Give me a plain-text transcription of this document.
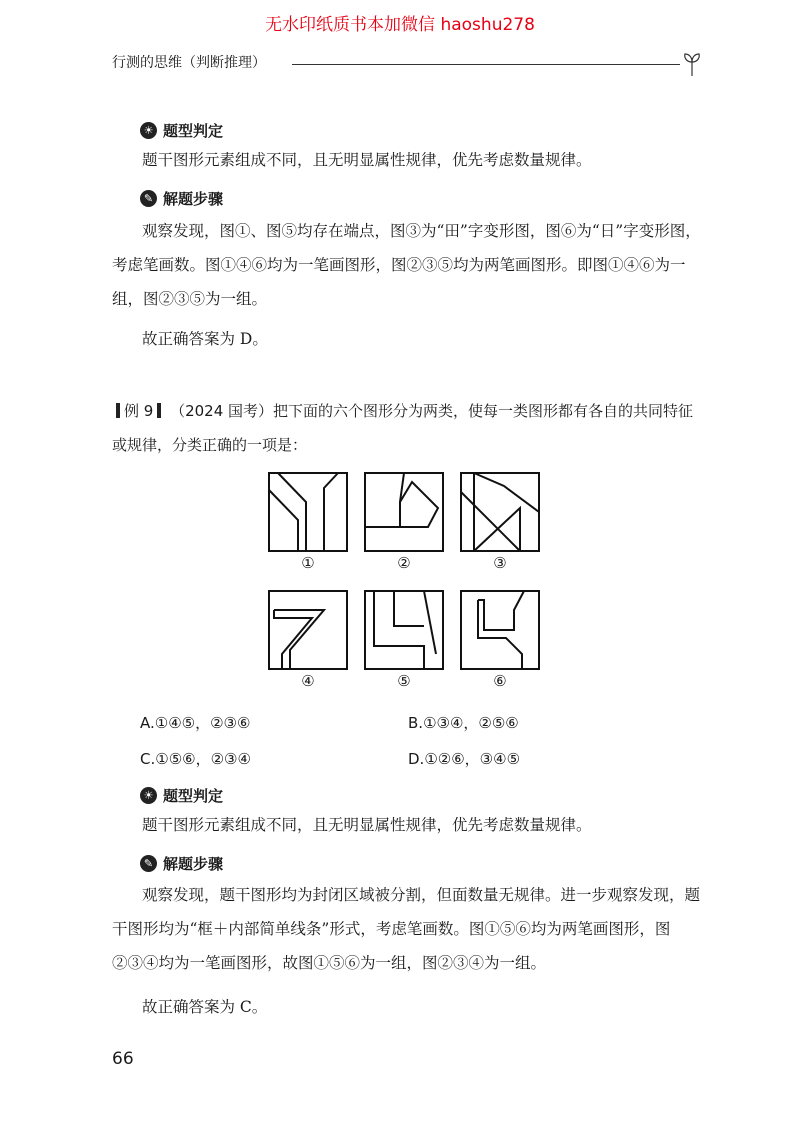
无水印纸质书本加微信 haoshu278
行测的思维（判断推理）
☀ 题型判定
题干图形元素组成不同，且无明显属性规律，优先考虑数量规律。
✎ 解题步骤
观察发现，图①、图⑤均存在端点，图③为“田”字变形图，图⑥为“日”字变形图，考虑笔画数。图①④⑥均为一笔画图形，图②③⑤均为两笔画图形。即图①④⑥为一组，图②③⑤为一组。
故正确答案为 D。
例 9 （2024 国考）把下面的六个图形分为两类，使每一类图形都有各自的共同特征或规律，分类正确的一项是：
①	②	③
④	⑤	⑥
A.①④⑤，②③⑥	B.①③④，②⑤⑥
C.①⑤⑥，②③④	D.①②⑥，③④⑤
☀ 题型判定
题干图形元素组成不同，且无明显属性规律，优先考虑数量规律。
✎ 解题步骤
观察发现，题干图形均为封闭区域被分割，但面数量无规律。进一步观察发现，题干图形均为“框＋内部简单线条”形式，考虑笔画数。图①⑤⑥均为两笔画图形，图②③④均为一笔画图形，故图①⑤⑥为一组，图②③④为一组。
故正确答案为 C。
66
